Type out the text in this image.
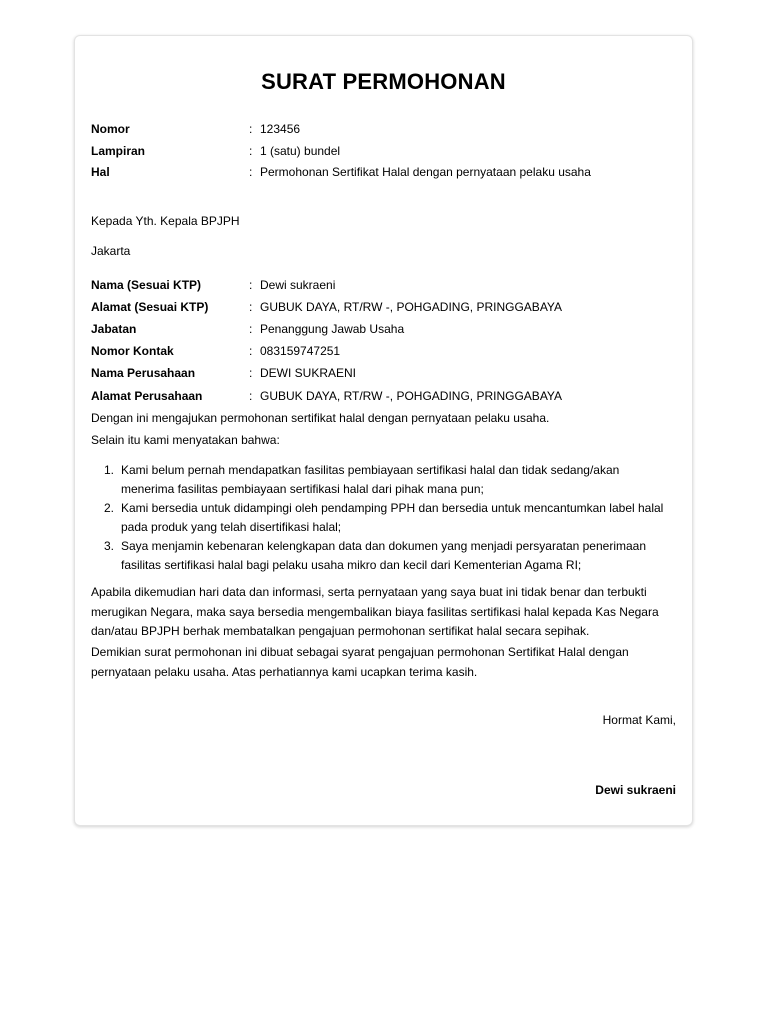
SURAT PERMOHONAN
Nomor	: 123456
Lampiran	: 1 (satu) bundel
Hal	: Permohonan Sertifikat Halal dengan pernyataan pelaku usaha
Kepada Yth. Kepala BPJPH
Jakarta
Nama (Sesuai KTP)	: Dewi sukraeni
Alamat (Sesuai KTP)	: GUBUK DAYA, RT/RW -, POHGADING, PRINGGABAYA
Jabatan	: Penanggung Jawab Usaha
Nomor Kontak	: 083159747251
Nama Perusahaan	: DEWI SUKRAENI
Alamat Perusahaan	: GUBUK DAYA, RT/RW -, POHGADING, PRINGGABAYA
Dengan ini mengajukan permohonan sertifikat halal dengan pernyataan pelaku usaha.
Selain itu kami menyatakan bahwa:
1. Kami belum pernah mendapatkan fasilitas pembiayaan sertifikasi halal dan tidak sedang/akan menerima fasilitas pembiayaan sertifikasi halal dari pihak mana pun;
2. Kami bersedia untuk didampingi oleh pendamping PPH dan bersedia untuk mencantumkan label halal pada produk yang telah disertifikasi halal;
3. Saya menjamin kebenaran kelengkapan data dan dokumen yang menjadi persyaratan penerimaan fasilitas sertifikasi halal bagi pelaku usaha mikro dan kecil dari Kementerian Agama RI;
Apabila dikemudian hari data dan informasi, serta pernyataan yang saya buat ini tidak benar dan terbukti merugikan Negara, maka saya bersedia mengembalikan biaya fasilitas sertifikasi halal kepada Kas Negara dan/atau BPJPH berhak membatalkan pengajuan permohonan sertifikat halal secara sepihak.
Demikian surat permohonan ini dibuat sebagai syarat pengajuan permohonan Sertifikat Halal dengan pernyataan pelaku usaha. Atas perhatiannya kami ucapkan terima kasih.
Hormat Kami,
Dewi sukraeni
